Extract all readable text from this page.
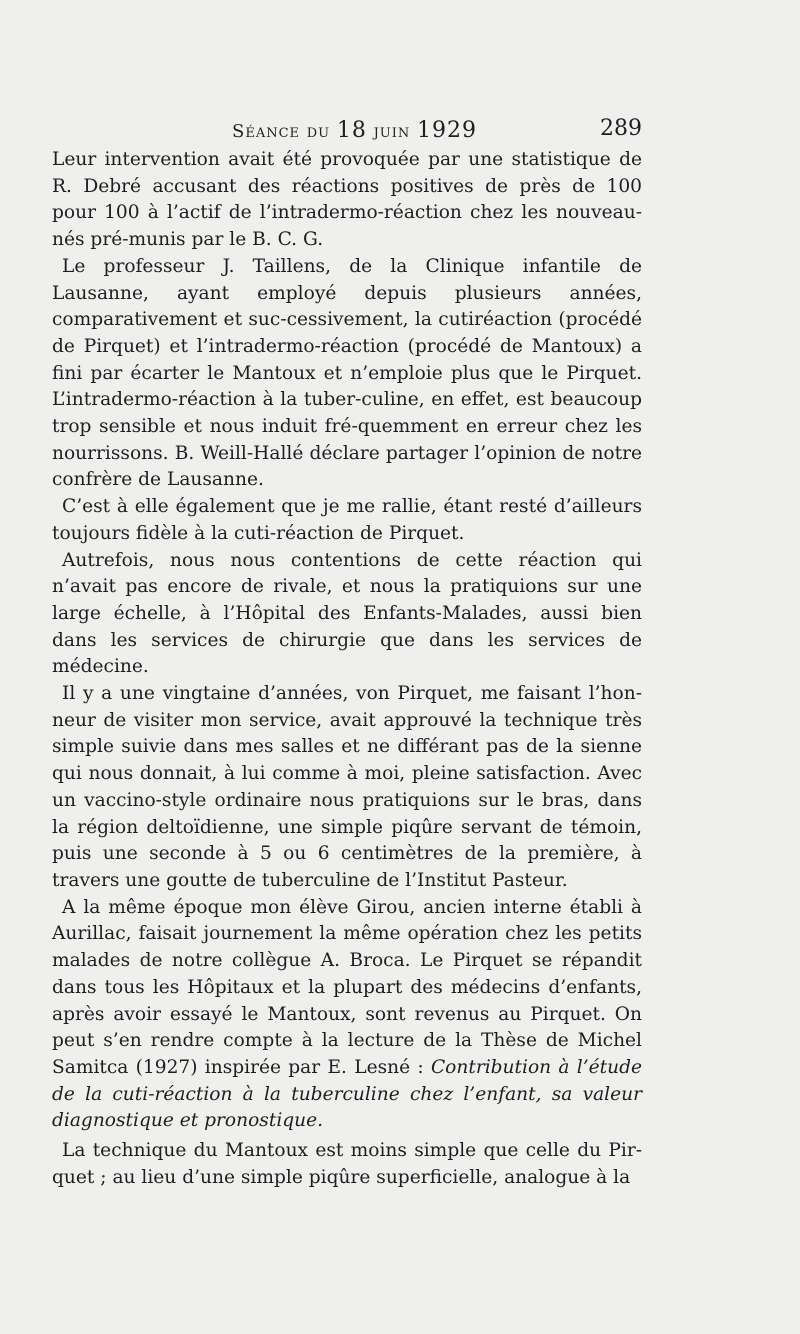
Séance du 18 juin 1929	289

Leur intervention avait été provoquée par une statistique de R. Debré accusant des réactions positives de près de 100 pour 100 à l’actif de l’intradermo-réaction chez les nouveau-nés pré-munis par le B. C. G.

Le professeur J. Taillens, de la Clinique infantile de Lausanne, ayant employé depuis plusieurs années, comparativement et suc-cessivement, la cutiréaction (procédé de Pirquet) et l’intradermo-réaction (procédé de Mantoux) a fini par écarter le Mantoux et n’emploie plus que le Pirquet. L’intradermo-réaction à la tuber-culine, en effet, est beaucoup trop sensible et nous induit fré-quemment en erreur chez les nourrissons. B. Weill-Hallé déclare partager l’opinion de notre confrère de Lausanne.

C’est à elle également que je me rallie, étant resté d’ailleurs toujours fidèle à la cuti-réaction de Pirquet.

Autrefois, nous nous contentions de cette réaction qui n’avait pas encore de rivale, et nous la pratiquions sur une large échelle, à l’Hôpital des Enfants-Malades, aussi bien dans les services de chirurgie que dans les services de médecine.

Il y a une vingtaine d’années, von Pirquet, me faisant l’hon-neur de visiter mon service, avait approuvé la technique très simple suivie dans mes salles et ne différant pas de la sienne qui nous donnait, à lui comme à moi, pleine satisfaction. Avec un vaccino-style ordinaire nous pratiquions sur le bras, dans la région deltoïdienne, une simple piqûre servant de témoin, puis une seconde à 5 ou 6 centimètres de la première, à travers une goutte de tuberculine de l’Institut Pasteur.

A la même époque mon élève Girou, ancien interne établi à Aurillac, faisait journement la même opération chez les petits malades de notre collègue A. Broca. Le Pirquet se répandit dans tous les Hôpitaux et la plupart des médecins d’enfants, après avoir essayé le Mantoux, sont revenus au Pirquet. On peut s’en rendre compte à la lecture de la Thèse de Michel Samitca (1927) inspirée par E. Lesné : Contribution à l’étude de la cuti-réaction à la tuberculine chez l’enfant, sa valeur diagnostique et pronostique.

La technique du Mantoux est moins simple que celle du Pir-quet ; au lieu d’une simple piqûre superficielle, analogue à la
